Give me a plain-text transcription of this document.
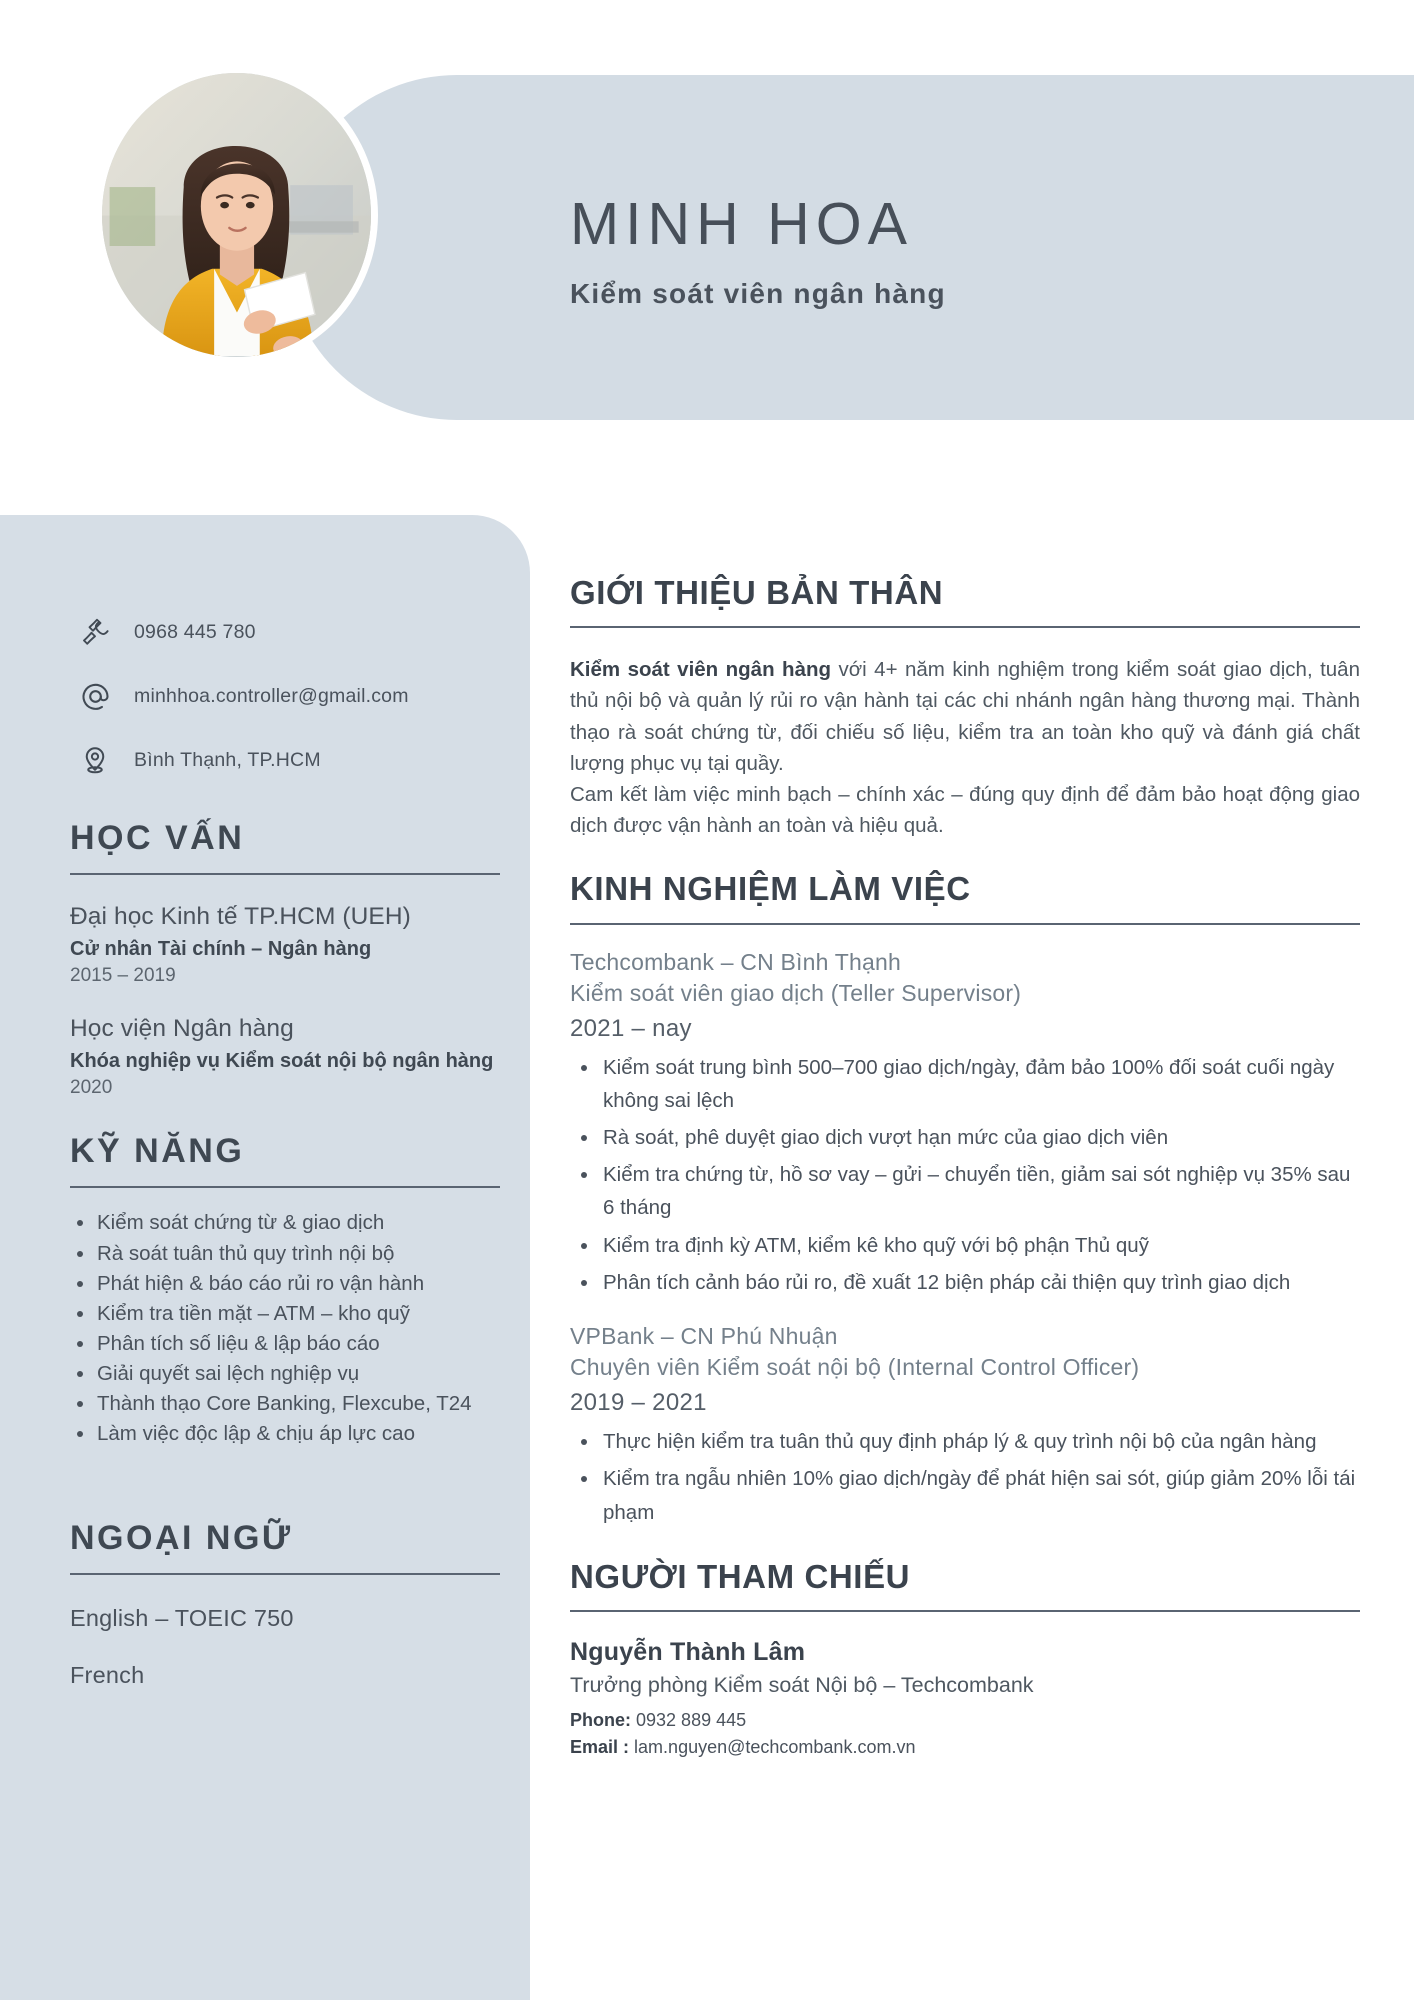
MINH HOA
Kiểm soát viên ngân hàng
0968 445 780
minhhoa.controller@gmail.com
Bình Thạnh, TP.HCM
HỌC VẤN
Đại học Kinh tế TP.HCM (UEH)
Cử nhân Tài chính – Ngân hàng
2015 – 2019
Học viện Ngân hàng
Khóa nghiệp vụ Kiểm soát nội bộ ngân hàng
2020
KỸ NĂNG
Kiểm soát chứng từ & giao dịch
Rà soát tuân thủ quy trình nội bộ
Phát hiện & báo cáo rủi ro vận hành
Kiểm tra tiền mặt – ATM – kho quỹ
Phân tích số liệu & lập báo cáo
Giải quyết sai lệch nghiệp vụ
Thành thạo Core Banking, Flexcube, T24
Làm việc độc lập & chịu áp lực cao
NGOẠI NGỮ
English – TOEIC 750
French
GIỚI THIỆU BẢN THÂN

Kiểm soát viên ngân hàng với 4+ năm kinh nghiệm trong kiểm soát giao dịch, tuân thủ nội bộ và quản lý rủi ro vận hành tại các chi nhánh ngân hàng thương mại. Thành thạo rà soát chứng từ, đối chiếu số liệu, kiểm tra an toàn kho quỹ và đánh giá chất lượng phục vụ tại quầy.
Cam kết làm việc minh bạch – chính xác – đúng quy định để đảm bảo hoạt động giao dịch được vận hành an toàn và hiệu quả.

KINH NGHIỆM LÀM VIỆC
Techcombank – CN Bình Thạnh
Kiểm soát viên giao dịch (Teller Supervisor)
2021 – nay
Kiểm soát trung bình 500–700 giao dịch/ngày, đảm bảo 100% đối soát cuối ngày không sai lệch
Rà soát, phê duyệt giao dịch vượt hạn mức của giao dịch viên
Kiểm tra chứng từ, hồ sơ vay – gửi – chuyển tiền, giảm sai sót nghiệp vụ 35% sau 6 tháng
Kiểm tra định kỳ ATM, kiểm kê kho quỹ với bộ phận Thủ quỹ
Phân tích cảnh báo rủi ro, đề xuất 12 biện pháp cải thiện quy trình giao dịch
VPBank – CN Phú Nhuận
Chuyên viên Kiểm soát nội bộ (Internal Control Officer)
2019 – 2021
Thực hiện kiểm tra tuân thủ quy định pháp lý & quy trình nội bộ của ngân hàng
Kiểm tra ngẫu nhiên 10% giao dịch/ngày để phát hiện sai sót, giúp giảm 20% lỗi tái phạm
NGƯỜI THAM CHIẾU
Nguyễn Thành Lâm
Trưởng phòng Kiểm soát Nội bộ – Techcombank
Phone: 0932 889 445
Email : lam.nguyen@techcombank.com.vn
